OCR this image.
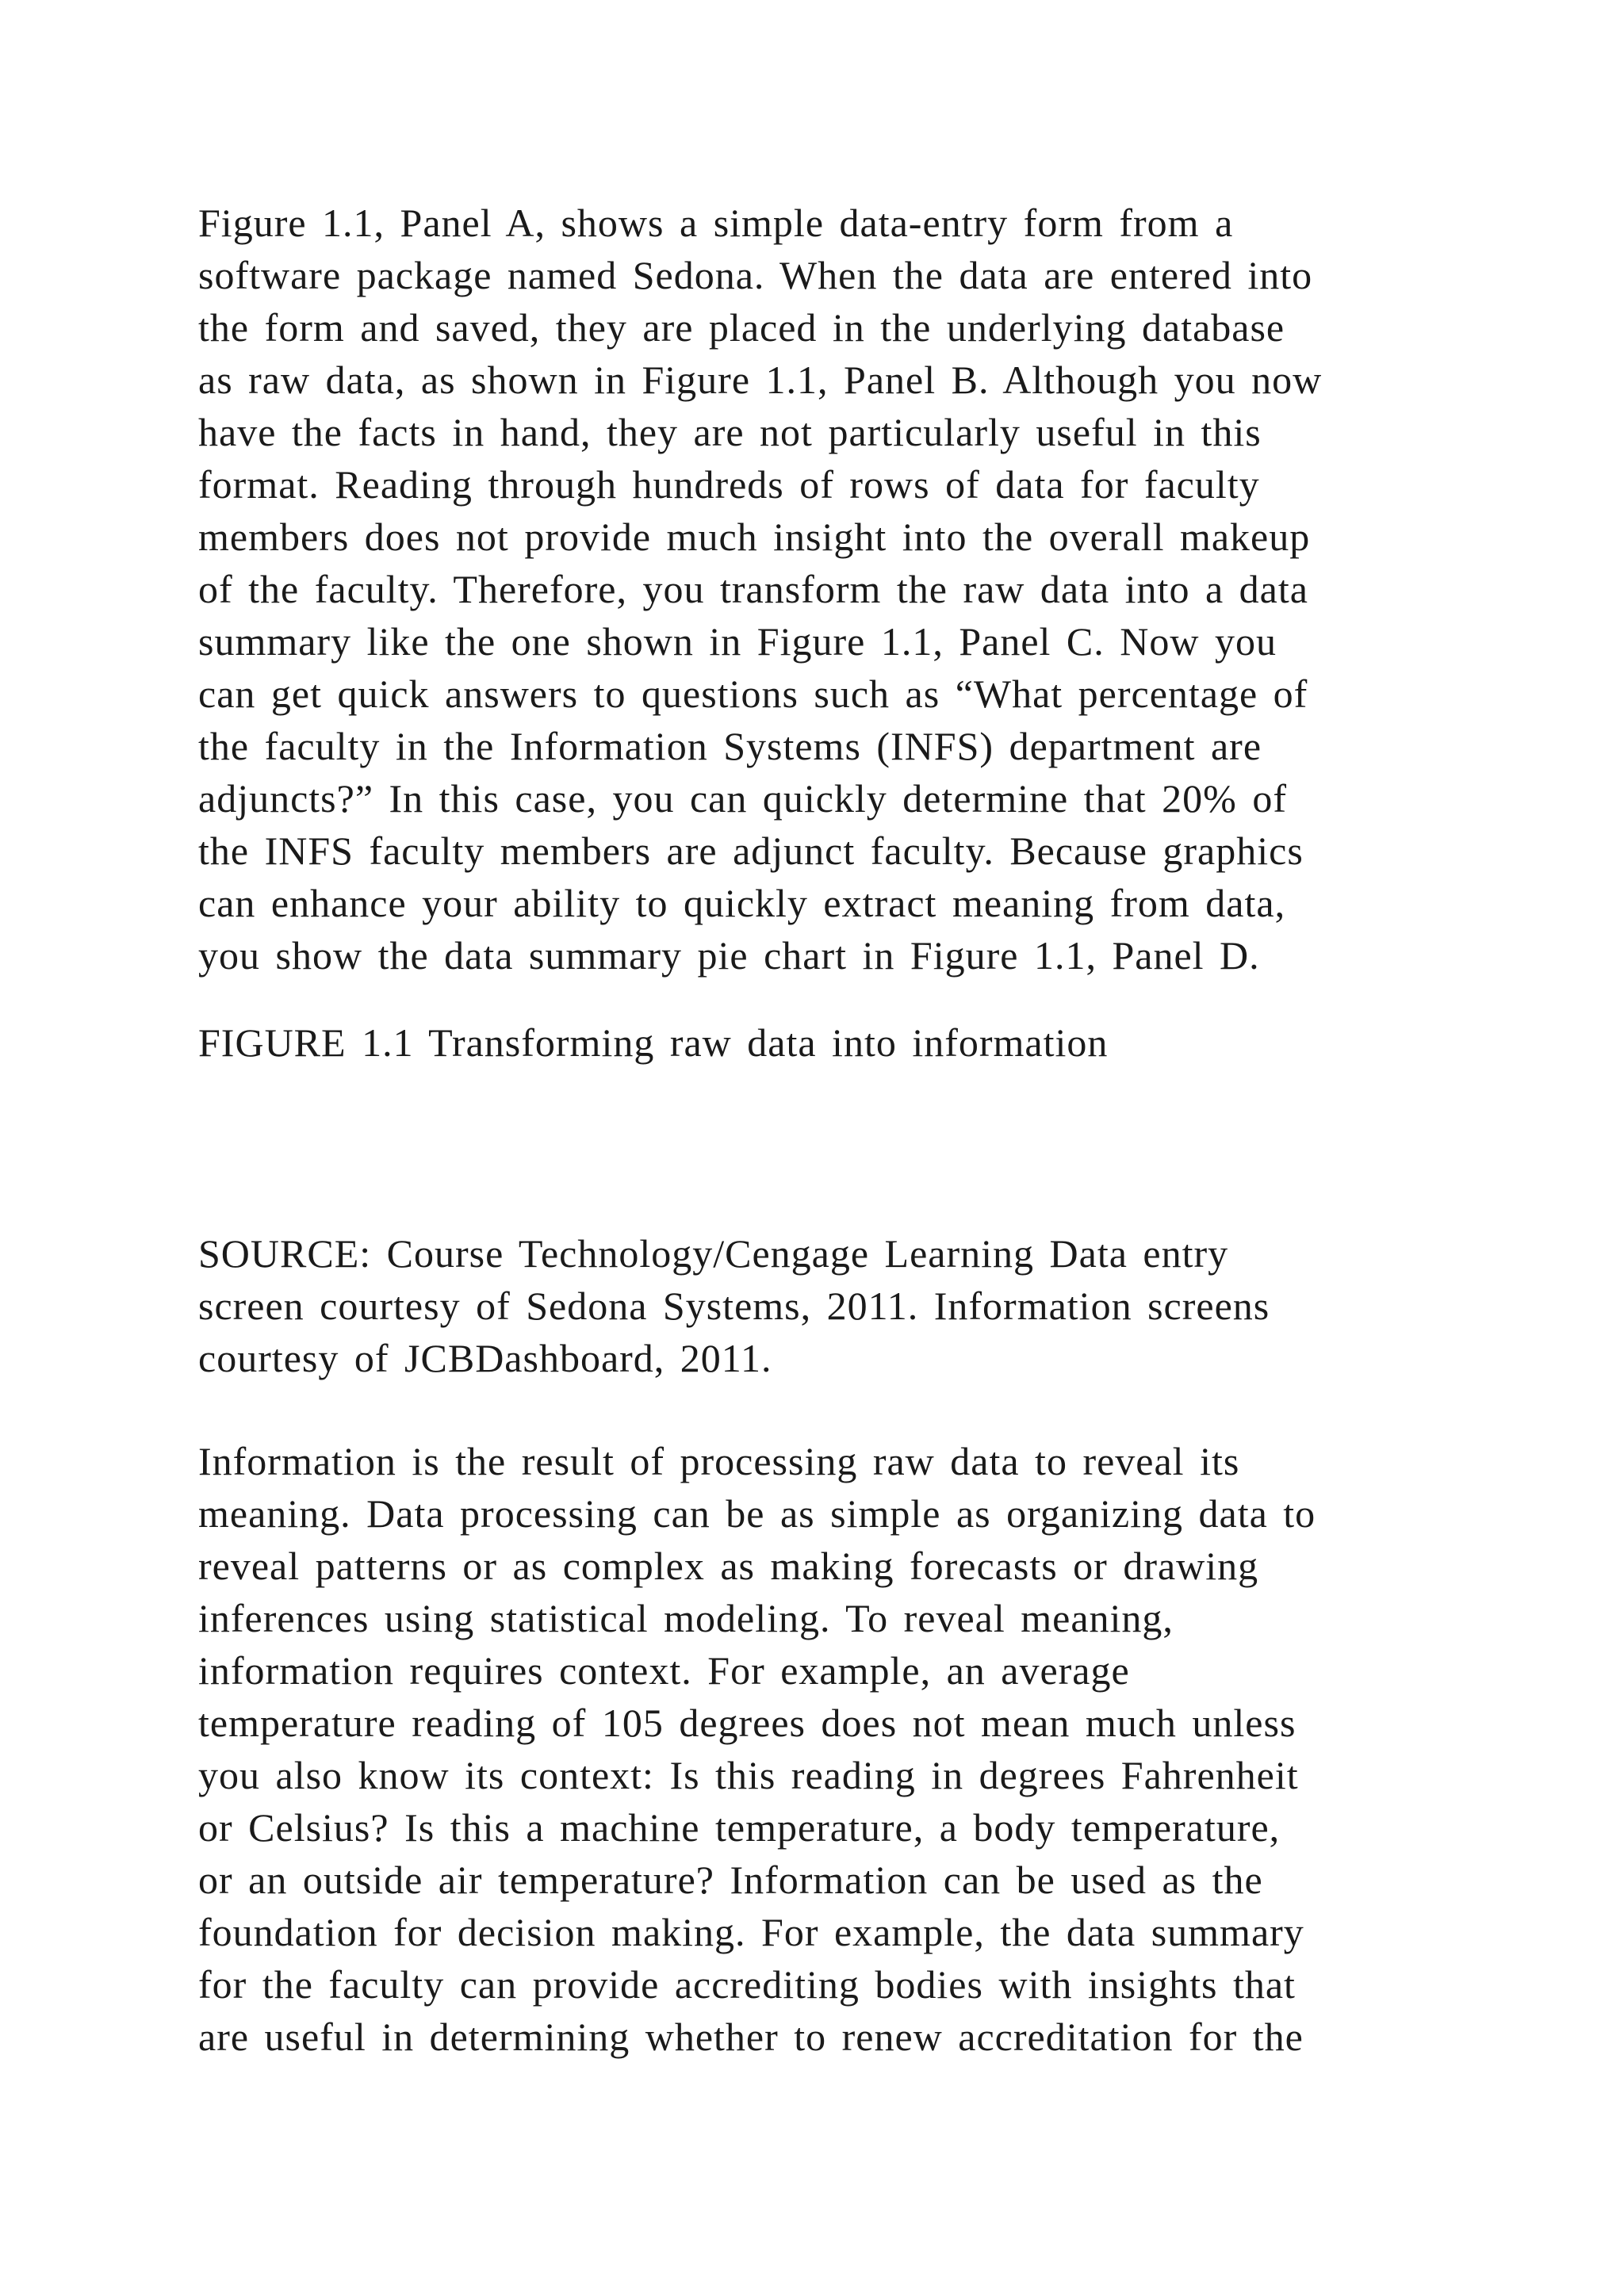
Figure 1.1, Panel A, shows a simple data-entry form from a
software package named Sedona. When the data are entered into
the form and saved, they are placed in the underlying database
as raw data, as shown in Figure 1.1, Panel B. Although you now
have the facts in hand, they are not particularly useful in this
format. Reading through hundreds of rows of data for faculty
members does not provide much insight into the overall makeup
of the faculty. Therefore, you transform the raw data into a data
summary like the one shown in Figure 1.1, Panel C. Now you
can get quick answers to questions such as “What percentage of
the faculty in the Information Systems (INFS) department are
adjuncts?” In this case, you can quickly determine that 20% of
the INFS faculty members are adjunct faculty. Because graphics
can enhance your ability to quickly extract meaning from data,
you show the data summary pie chart in Figure 1.1, Panel D.
FIGURE 1.1 Transforming raw data into information
SOURCE: Course Technology/Cengage Learning Data entry
screen courtesy of Sedona Systems, 2011. Information screens
courtesy of JCBDashboard, 2011.
Information is the result of processing raw data to reveal its
meaning. Data processing can be as simple as organizing data to
reveal patterns or as complex as making forecasts or drawing
inferences using statistical modeling. To reveal meaning,
information requires context. For example, an average
temperature reading of 105 degrees does not mean much unless
you also know its context: Is this reading in degrees Fahrenheit
or Celsius? Is this a machine temperature, a body temperature,
or an outside air temperature? Information can be used as the
foundation for decision making. For example, the data summary
for the faculty can provide accrediting bodies with insights that
are useful in determining whether to renew accreditation for the
